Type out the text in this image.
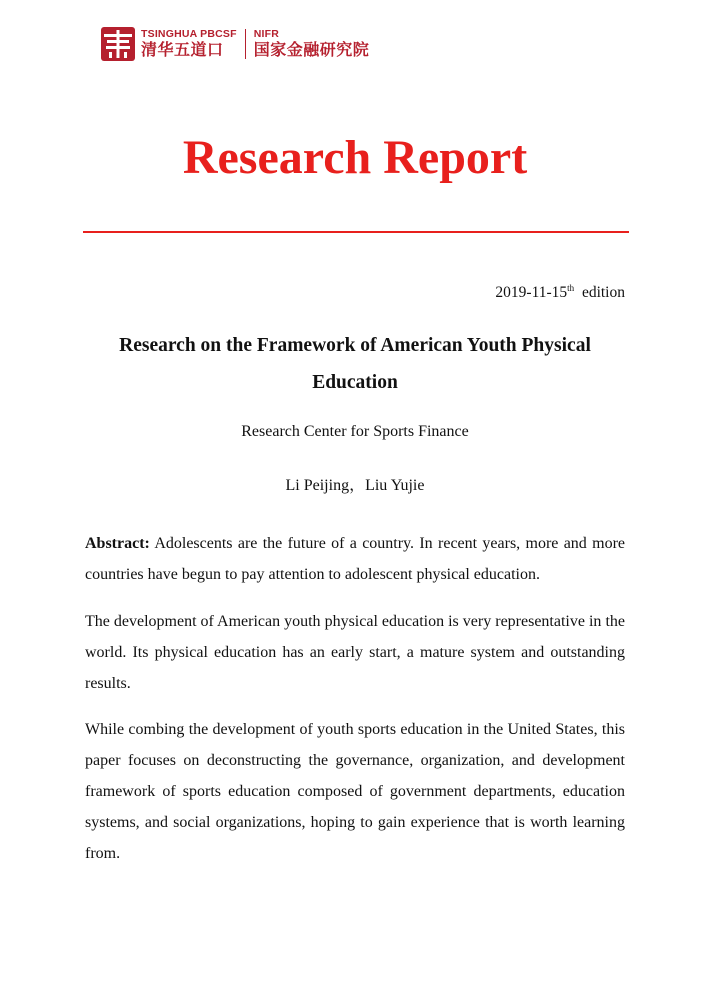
TSINGHUA PBCSF
清华五道口
NIFR
国家金融研究院
Research Report
2019-11-15th edition
Research on the Framework of American Youth Physical
Education
Research Center for Sports Finance
Li Peijing，Liu Yujie

Abstract: Adolescents are the future of a country. In recent years, more and more countries have begun to pay attention to adolescent physical education.

The development of American youth physical education is very representative in the world. Its physical education has an early start, a mature system and outstanding results.

While combing the development of youth sports education in the United States, this paper focuses on deconstructing the governance, organization, and development framework of sports education composed of government departments, education systems, and social organizations, hoping to gain experience that is worth learning from.
